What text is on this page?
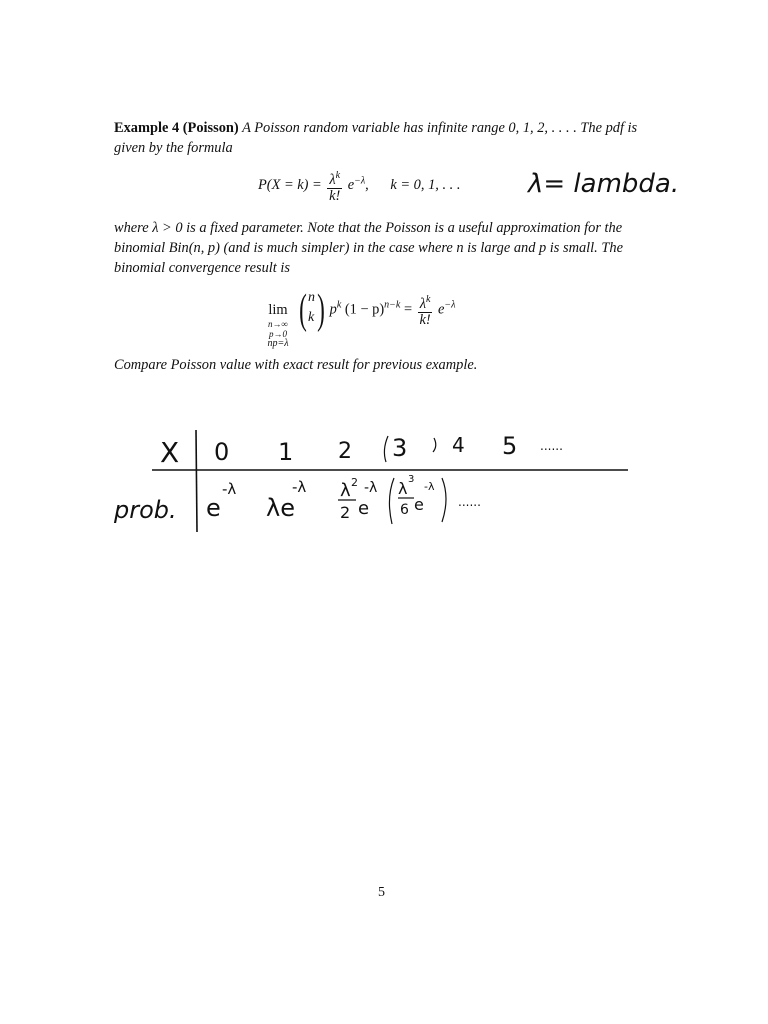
Example 4 (Poisson) A Poisson random variable has infinite range 0, 1, 2, . . . . The pdf is given by the formula
$P(X = k) = \frac{\lambda^k}{k!} e^{-\lambda}$, k = 0, 1, . . .
where λ > 0 is a fixed parameter. Note that the Poisson is a useful approximation for the binomial Bin(n, p) (and is much simpler) in the case where n is large and p is small. The binomial convergence result is
lim
n→∞
p→0
np=λ
( n
k ) $p^k$ $(1 - p)^{n-k} = \frac{\lambda^k}{k!} e^{-\lambda}$
Compare Poisson value with exact result for previous example.
λ= lambda.
X 0 1 2 3 4 5 ......
prob. e
-λ
λe
-λ λ 2
2 e
-λ λ 3
6 e
-λ
......
5
